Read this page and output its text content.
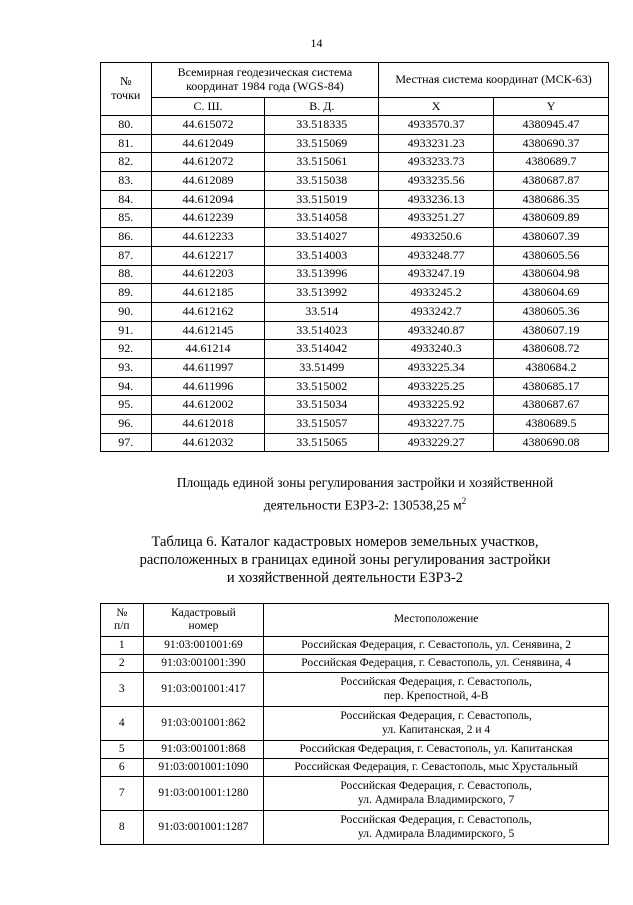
14
№
точки	Всемирная геодезическая система координат 1984 года (WGS-84)		Местная система координат (МСК-63)	
	С. Ш.	В. Д.	X	Y
80.	44.615072	33.518335	4933570.37	4380945.47
81.	44.612049	33.515069	4933231.23	4380690.37
82.	44.612072	33.515061	4933233.73	4380689.7
83.	44.612089	33.515038	4933235.56	4380687.87
84.	44.612094	33.515019	4933236.13	4380686.35
85.	44.612239	33.514058	4933251.27	4380609.89
86.	44.612233	33.514027	4933250.6	4380607.39
87.	44.612217	33.514003	4933248.77	4380605.56
88.	44.612203	33.513996	4933247.19	4380604.98
89.	44.612185	33.513992	4933245.2	4380604.69
90.	44.612162	33.514	4933242.7	4380605.36
91.	44.612145	33.514023	4933240.87	4380607.19
92.	44.61214	33.514042	4933240.3	4380608.72
93.	44.611997	33.51499	4933225.34	4380684.2
94.	44.611996	33.515002	4933225.25	4380685.17
95.	44.612002	33.515034	4933225.92	4380687.67
96.	44.612018	33.515057	4933227.75	4380689.5
97.	44.612032	33.515065	4933229.27	4380690.08
Площадь единой зоны регулирования застройки и хозяйственной
деятельности ЕЗРЗ-2: 130538,25 $м^2$
Таблица 6. Каталог кадастровых номеров земельных участков,
расположенных в границах единой зоны регулирования застройки
и хозяйственной деятельности ЕЗРЗ-2
№
п/п	Кадастровый
номер	Местоположение
1	91:03:001001:69	Российская Федерация, г. Севастополь, ул. Сенявина, 2
2	91:03:001001:390	Российская Федерация, г. Севастополь, ул. Сенявина, 4
3	91:03:001001:417	Российская Федерация, г. Севастополь,
пер. Крепостной, 4-В
4	91:03:001001:862	Российская Федерация, г. Севастополь,
ул. Капитанская, 2 и 4
5	91:03:001001:868	Российская Федерация, г. Севастополь, ул. Капитанская
6	91:03:001001:1090	Российская Федерация, г. Севастополь, мыс Хрустальный
7	91:03:001001:1280	Российская Федерация, г. Севастополь,
ул. Адмирала Владимирского, 7
8	91:03:001001:1287	Российская Федерация, г. Севастополь,
ул. Адмирала Владимирского, 5
